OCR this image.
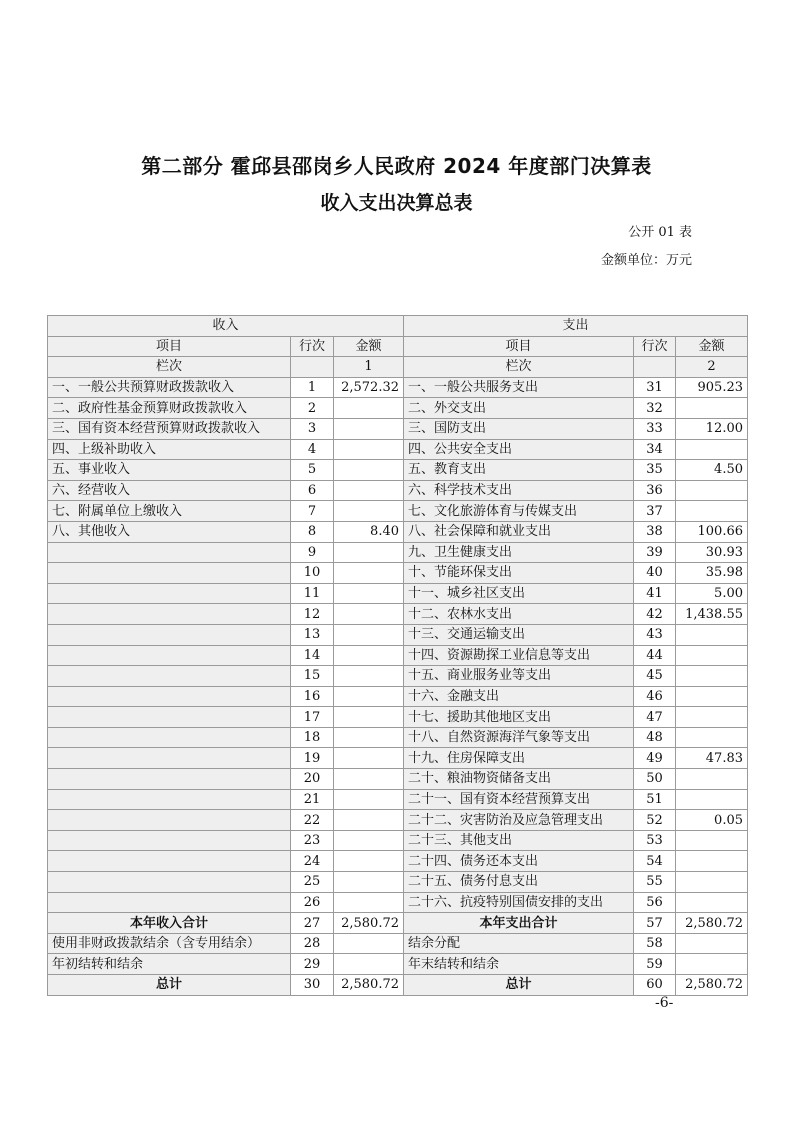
第二部分 霍邱县邵岗乡人民政府 2024 年度部门决算表
收入支出决算总表
公开 01 表
金额单位：万元
收入			支出		
项目	行次	金额	项目	行次	金额
栏次		1	栏次		2
一、一般公共预算财政拨款收入	1	2,572.32	一、一般公共服务支出	31	905.23
二、政府性基金预算财政拨款收入	2		二、外交支出	32	
三、国有资本经营预算财政拨款收入	3		三、国防支出	33	12.00
四、上级补助收入	4		四、公共安全支出	34	
五、事业收入	5		五、教育支出	35	4.50
六、经营收入	6		六、科学技术支出	36	
七、附属单位上缴收入	7		七、文化旅游体育与传媒支出	37	
八、其他收入	8	8.40	八、社会保障和就业支出	38	100.66
	9		九、卫生健康支出	39	30.93
	10		十、节能环保支出	40	35.98
	11		十一、城乡社区支出	41	5.00
	12		十二、农林水支出	42	1,438.55
	13		十三、交通运输支出	43	
	14		十四、资源勘探工业信息等支出	44	
	15		十五、商业服务业等支出	45	
	16		十六、金融支出	46	
	17		十七、援助其他地区支出	47	
	18		十八、自然资源海洋气象等支出	48	
	19		十九、住房保障支出	49	47.83
	20		二十、粮油物资储备支出	50	
	21		二十一、国有资本经营预算支出	51	
	22		二十二、灾害防治及应急管理支出	52	0.05
	23		二十三、其他支出	53	
	24		二十四、债务还本支出	54	
	25		二十五、债务付息支出	55	
	26		二十六、抗疫特别国债安排的支出	56	
本年收入合计	27	2,580.72	本年支出合计	57	2,580.72
使用非财政拨款结余（含专用结余）	28		结余分配	58	
年初结转和结余	29		年末结转和结余	59	
总计	30	2,580.72	总计	60	2,580.72
-6-
